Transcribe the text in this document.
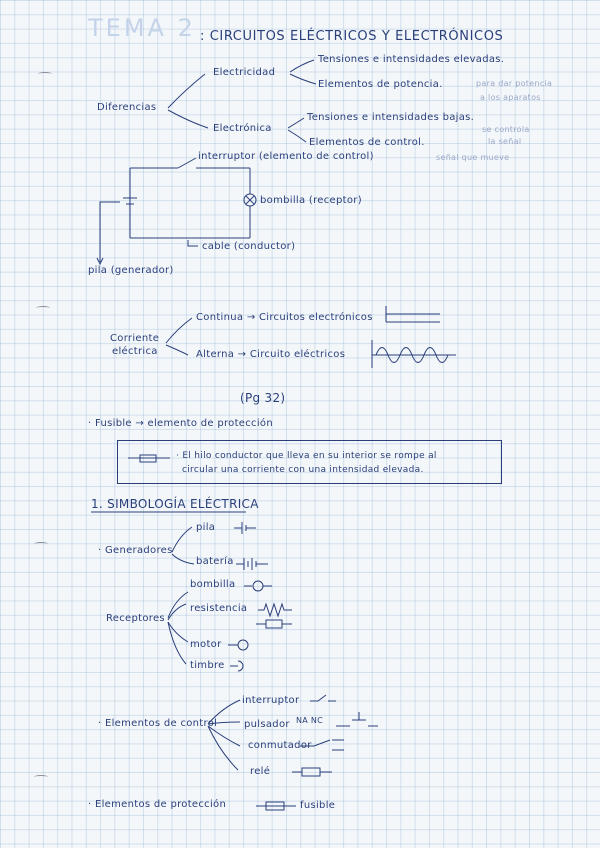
TEMA 2 : CIRCUITOS ELÉCTRICOS Y ELECTRÓNICOS
Diferencias
Electricidad
Tensiones e intensidades elevadas.
Elementos de potencia.	para dar potencia
a los aparatos
Electrónica
Tensiones e intensidades bajas.
Elementos de control.
se controla
la señal
señal que mueve
interruptor (elemento de control)
bombilla (receptor)
cable (conductor)
pila (generador)
Corriente
eléctrica
Continua → Circuitos electrónicos
Alterna → Circuito eléctricos
(Pg 32)
· Fusible → elemento de protección
· El hilo conductor que lleva en su interior se rompe al
circular una corriente con una intensidad elevada.
1. SIMBOLOGÍA ELÉCTRICA
· Generadores
pila
batería
bombilla
Receptores
resistencia
motor
timbre
· Elementos de control
interruptor
pulsador NA NC
conmutador
relé
· Elementos de protección	fusible
